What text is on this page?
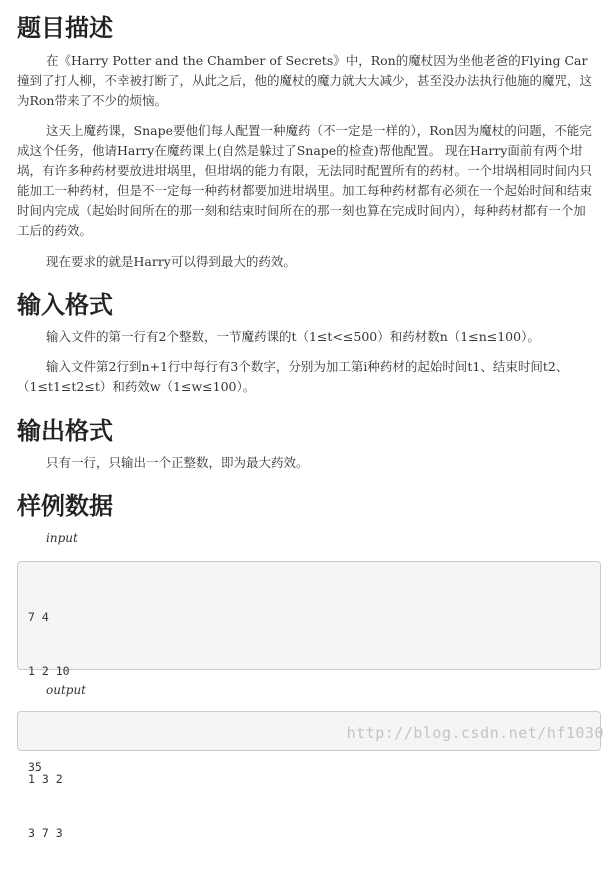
题目描述

在《Harry Potter and the Chamber of Secrets》中，Ron的魔杖因为坐他老爸的Flying Car撞到了打人柳，不幸被打断了，从此之后，他的魔杖的魔力就大大减少，甚至没办法执行他施的魔咒，这为Ron带来了不少的烦恼。

这天上魔药课，Snape要他们每人配置一种魔药（不一定是一样的），Ron因为魔杖的问题，不能完成这个任务，他请Harry在魔药课上(自然是躲过了Snape的检查)帮他配置。 现在Harry面前有两个坩埚，有许多种药材要放进坩埚里，但坩埚的能力有限，无法同时配置所有的药材。一个坩埚相同时间内只能加工一种药材，但是不一定每一种药材都要加进坩埚里。加工每种药材都有必须在一个起始时间和结束时间内完成（起始时间所在的那一刻和结束时间所在的那一刻也算在完成时间内），每种药材都有一个加工后的药效。

现在要求的就是Harry可以得到最大的药效。

输入格式

输入文件的第一行有2个整数，一节魔药课的t（1≤t<≤500）和药材数n（1≤n≤100）。

输入文件第2行到n+1行中每行有3个数字，分别为加工第i种药材的起始时间t1、结束时间t2、（1≤t1≤t2≤t）和药效w（1≤w≤100）。

输出格式

只有一行，只输出一个正整数，即为最大药效。

样例数据
input

7 4

1 2 10

1 3 2

3 7 3

output

35

http://blog.csdn.net/hf1030
